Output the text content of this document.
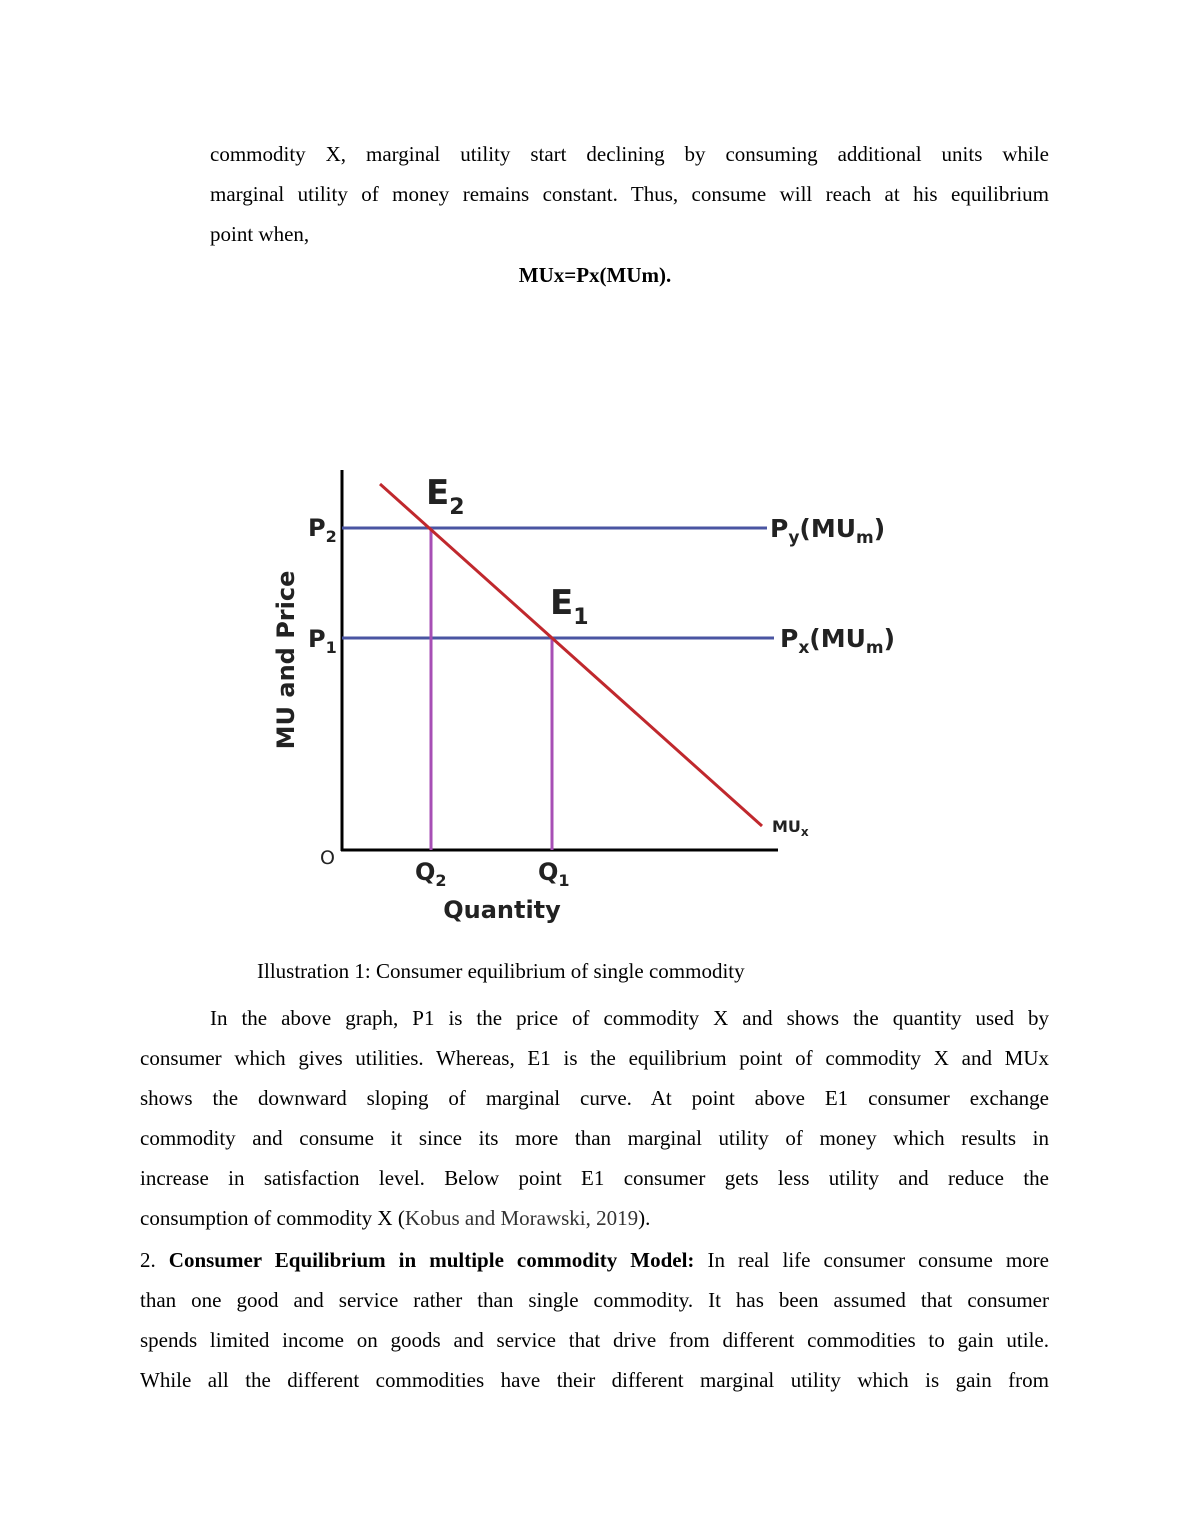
commodity X, marginal utility start declining by consuming additional units while
marginal utility of money remains constant. Thus, consume will reach at his equilibrium
point when,
MUx=Px(MUm).
MU and Price
$P_2$
$P_1$
O	$Q_2$	$Q_1$
Quantity
$E_2$
$E_1$
$P_y(MU_m)$
$P_x(MU_m)$
$MU_x$
Illustration 1: Consumer equilibrium of single commodity
In the above graph, P1 is the price of commodity X and shows the quantity used by
consumer which gives utilities. Whereas, E1 is the equilibrium point of commodity X and MUx
shows the downward sloping of marginal curve. At point above E1 consumer exchange
commodity and consume it since its more than marginal utility of money which results in
increase in satisfaction level. Below point E1 consumer gets less utility and reduce the
consumption of commodity X (Kobus and Morawski, 2019).
2. Consumer Equilibrium in multiple commodity Model: In real life consumer consume more
than one good and service rather than single commodity. It has been assumed that consumer
spends limited income on goods and service that drive from different commodities to gain utile.
While all the different commodities have their different marginal utility which is gain from
